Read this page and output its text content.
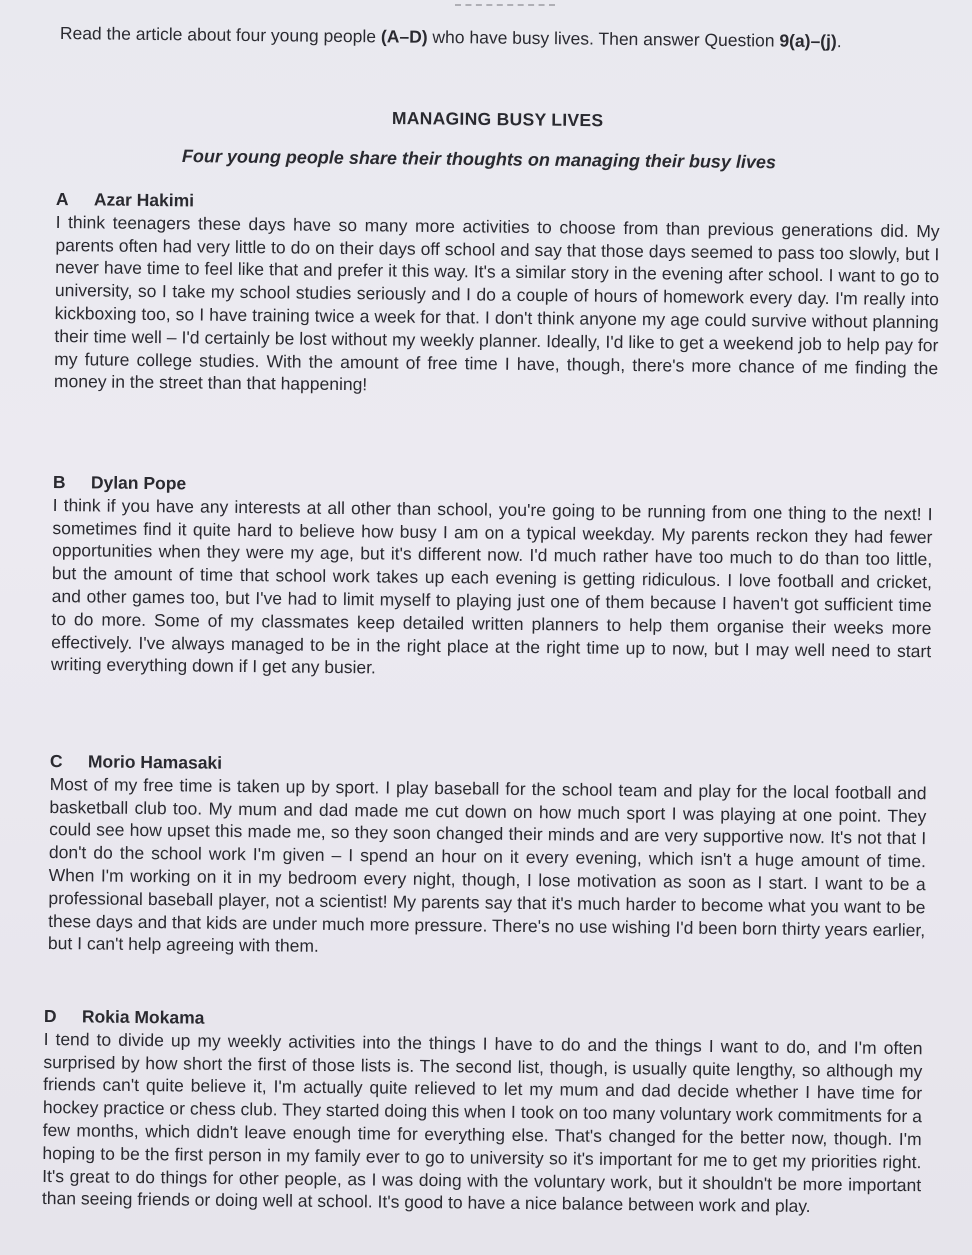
Read the article about four young people (A–D) who have busy lives. Then answer Question 9(a)–(j).
MANAGING BUSY LIVES
Four young people share their thoughts on managing their busy lives
A Azar Hakimi
I think teenagers these days have so many more activities to choose from than previous generations did. My parents often had very little to do on their days off school and say that those days seemed to pass too slowly, but I never have time to feel like that and prefer it this way. It's a similar story in the evening after school. I want to go to university, so I take my school studies seriously and I do a couple of hours of homework every day. I'm really into kickboxing too, so I have training twice a week for that. I don't think anyone my age could survive without planning their time well – I'd certainly be lost without my weekly planner. Ideally, I'd like to get a weekend job to help pay for my future college studies. With the amount of free time I have, though, there's more chance of me finding the money in the street than that happening!
B Dylan Pope
I think if you have any interests at all other than school, you're going to be running from one thing to the next! I sometimes find it quite hard to believe how busy I am on a typical weekday. My parents reckon they had fewer opportunities when they were my age, but it's different now. I'd much rather have too much to do than too little, but the amount of time that school work takes up each evening is getting ridiculous. I love football and cricket, and other games too, but I've had to limit myself to playing just one of them because I haven't got sufficient time to do more. Some of my classmates keep detailed written planners to help them organise their weeks more effectively. I've always managed to be in the right place at the right time up to now, but I may well need to start writing everything down if I get any busier.
C Morio Hamasaki
Most of my free time is taken up by sport. I play baseball for the school team and play for the local football and basketball club too. My mum and dad made me cut down on how much sport I was playing at one point. They could see how upset this made me, so they soon changed their minds and are very supportive now. It's not that I don't do the school work I'm given – I spend an hour on it every evening, which isn't a huge amount of time. When I'm working on it in my bedroom every night, though, I lose motivation as soon as I start. I want to be a professional baseball player, not a scientist! My parents say that it's much harder to become what you want to be these days and that kids are under much more pressure. There's no use wishing I'd been born thirty years earlier, but I can't help agreeing with them.
D Rokia Mokama
I tend to divide up my weekly activities into the things I have to do and the things I want to do, and I'm often surprised by how short the first of those lists is. The second list, though, is usually quite lengthy, so although my friends can't quite believe it, I'm actually quite relieved to let my mum and dad decide whether I have time for hockey practice or chess club. They started doing this when I took on too many voluntary work commitments for a few months, which didn't leave enough time for everything else. That's changed for the better now, though. I'm hoping to be the first person in my family ever to go to university so it's important for me to get my priorities right. It's great to do things for other people, as I was doing with the voluntary work, but it shouldn't be more important than seeing friends or doing well at school. It's good to have a nice balance between work and play.
